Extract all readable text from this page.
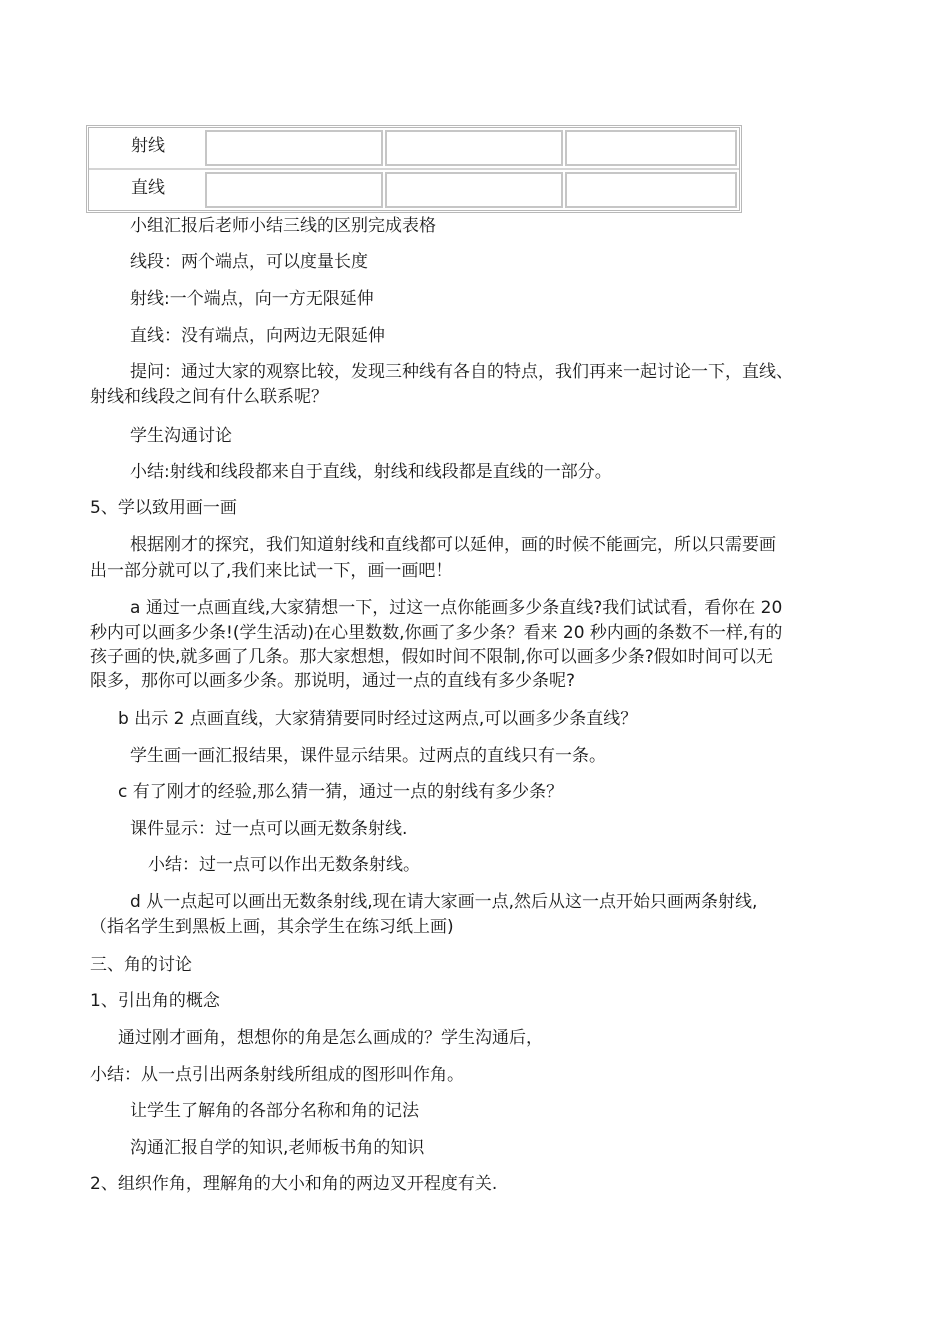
射线
直线
小组汇报后老师小结三线的区别完成表格
线段：两个端点，可以度量长度
射线:一个端点，向一方无限延伸
直线：没有端点，向两边无限延伸
提问：通过大家的观察比较，发现三种线有各自的特点，我们再来一起讨论一下，直线、
射线和线段之间有什么联系呢？
学生沟通讨论
小结:射线和线段都来自于直线，射线和线段都是直线的一部分。
5、学以致用画一画
根据刚才的探究，我们知道射线和直线都可以延伸，画的时候不能画完，所以只需要画
出一部分就可以了,我们来比试一下，画一画吧！
a 通过一点画直线,大家猜想一下，过这一点你能画多少条直线?我们试试看，看你在 20
秒内可以画多少条!(学生活动)在心里数数,你画了多少条？看来 20 秒内画的条数不一样,有的
孩子画的快,就多画了几条。那大家想想，假如时间不限制,你可以画多少条?假如时间可以无
限多，那你可以画多少条。那说明，通过一点的直线有多少条呢?
b 出示 2 点画直线，大家猜猜要同时经过这两点,可以画多少条直线？
学生画一画汇报结果，课件显示结果。过两点的直线只有一条。
c 有了刚才的经验,那么猜一猜，通过一点的射线有多少条？
课件显示：过一点可以画无数条射线.
小结：过一点可以作出无数条射线。
d 从一点起可以画出无数条射线,现在请大家画一点,然后从这一点开始只画两条射线,
（指名学生到黑板上画，其余学生在练习纸上画)
三、角的讨论
1、引出角的概念
通过刚才画角，想想你的角是怎么画成的？学生沟通后，
小结：从一点引出两条射线所组成的图形叫作角。
让学生了解角的各部分名称和角的记法
沟通汇报自学的知识,老师板书角的知识
2、组织作角，理解角的大小和角的两边叉开程度有关.
